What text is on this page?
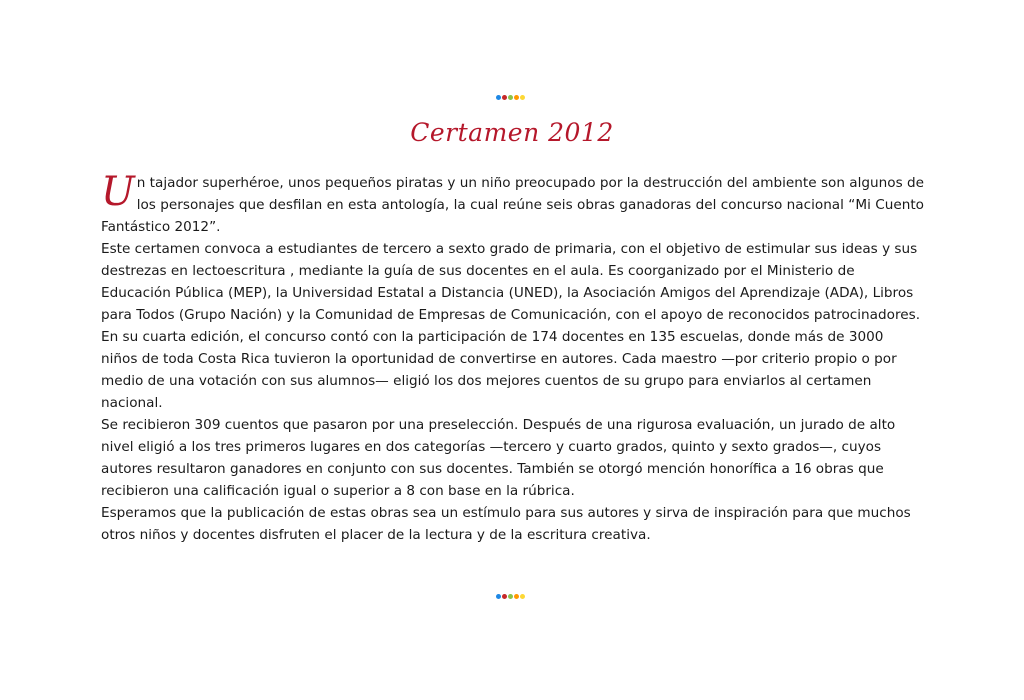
Certamen 2012

Un tajador superhéroe, unos pequeños piratas y un niño preocupado por la destrucción del ambiente son algunos de los personajes que desfilan en esta antología, la cual reúne seis obras ganadoras del concurso nacional “Mi Cuento Fantástico 2012”.

Este certamen convoca a estudiantes de tercero a sexto grado de primaria, con el objetivo de estimular sus ideas y sus destrezas en lectoescritura , mediante la guía de sus docentes en el aula. Es coorganizado por el Ministerio de Educación Pública (MEP), la Universidad Estatal a Distancia (UNED), la Asociación Amigos del Aprendizaje (ADA), Libros para Todos (Grupo Nación) y la Comunidad de Empresas de Comunicación, con el apoyo de reconocidos patrocinadores.

En su cuarta edición, el concurso contó con la participación de 174 docentes en 135 escuelas, donde más de 3000 niños de toda Costa Rica tuvieron la oportunidad de convertirse en autores. Cada maestro —por criterio propio o por medio de una votación con sus alumnos— eligió los dos mejores cuentos de su grupo para enviarlos al certamen nacional.

Se recibieron 309 cuentos que pasaron por una preselección. Después de una rigurosa evaluación, un jurado de alto nivel eligió a los tres primeros lugares en dos categorías —tercero y cuarto grados, quinto y sexto grados—, cuyos autores resultaron ganadores en conjunto con sus docentes. También se otorgó mención honorífica a 16 obras que recibieron una calificación igual o superior a 8 con base en la rúbrica.

Esperamos que la publicación de estas obras sea un estímulo para sus autores y sirva de inspiración para que muchos otros niños y docentes disfruten el placer de la lectura y de la escritura creativa.
